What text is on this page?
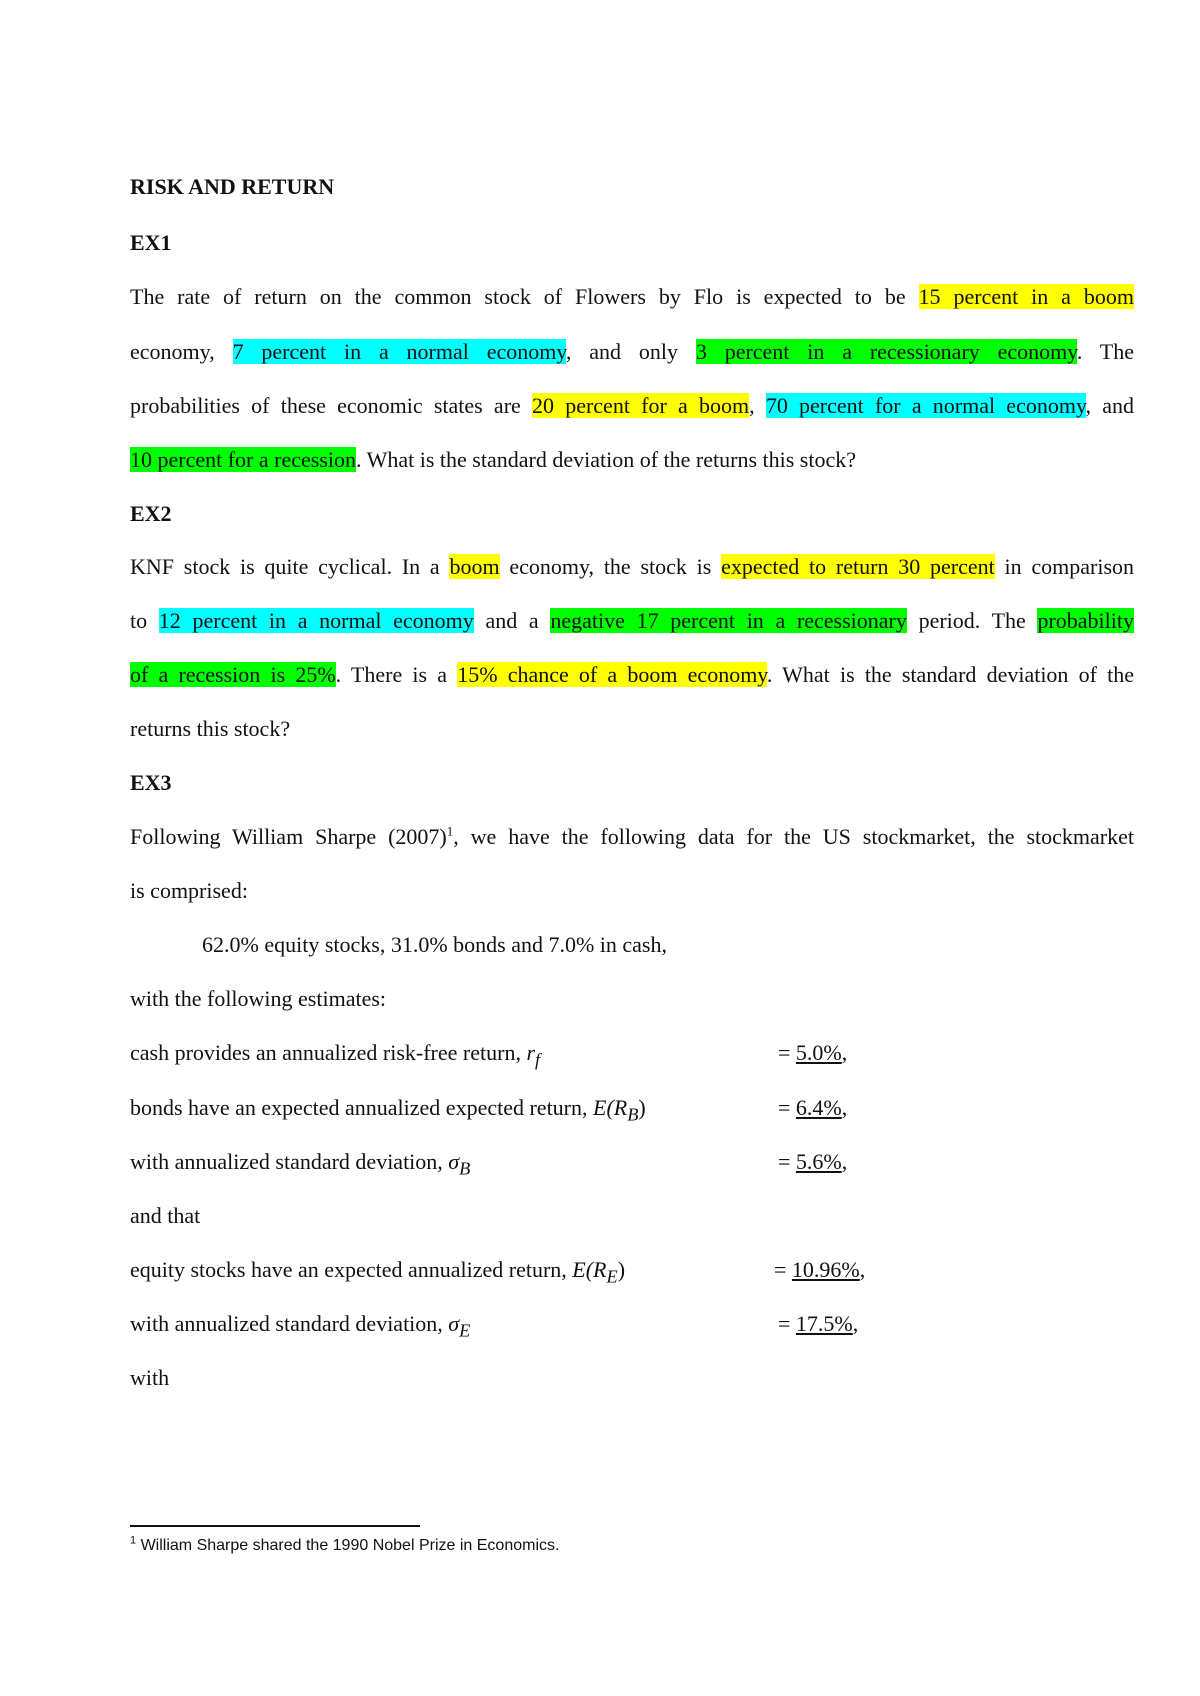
RISK AND RETURN
EX1
The rate of return on the common stock of Flowers by Flo is expected to be 15 percent in a boom
economy, 7 percent in a normal economy, and only 3 percent in a recessionary economy. The
probabilities of these economic states are 20 percent for a boom, 70 percent for a normal economy, and
10 percent for a recession. What is the standard deviation of the returns this stock?
EX2
KNF stock is quite cyclical. In a boom economy, the stock is expected to return 30 percent in comparison
to 12 percent in a normal economy and a negative 17 percent in a recessionary period. The probability
of a recession is 25%. There is a 15% chance of a boom economy. What is the standard deviation of the
returns this stock?
EX3
Following William Sharpe $(2007)^1$, we have the following data for the US stockmarket, the stockmarket
is comprised:
62.0% equity stocks, 31.0% bonds and 7.0% in cash,
with the following estimates:
cash provides an annualized risk-free return, $r_f$	= 5.0%,
bonds have an expected annualized expected return, $E(R_B)$	= 6.4%,
with annualized standard deviation, $\sigma_B$	= 5.6%,
and that
equity stocks have an expected annualized return, $E(R_E)$	= 10.96%,
with annualized standard deviation, $\sigma_E$	= 17.5%,
with
$^1$ William Sharpe shared the 1990 Nobel Prize in Economics.
